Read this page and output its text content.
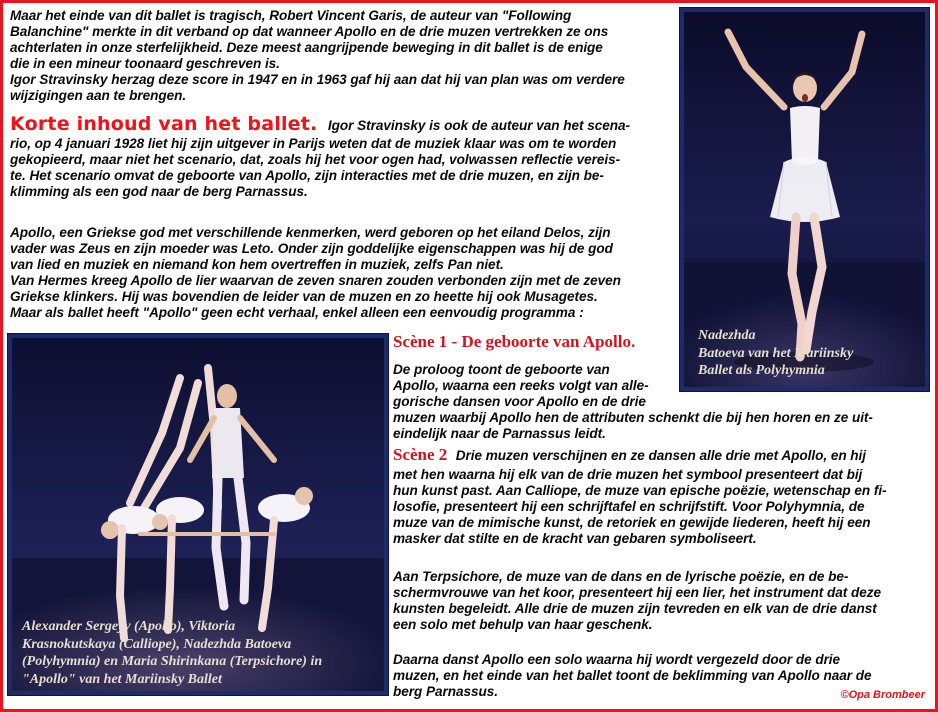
Maar het einde van dit ballet is tragisch, Robert Vincent Garis, de auteur van "Following
Balanchine" merkte in dit verband op dat wanneer Apollo en de drie muzen vertrekken ze ons
achterlaten in onze sterfelijkheid. Deze meest aangrijpende beweging in dit ballet is de enige
die in een mineur toonaard geschreven is.
Igor Stravinsky herzag deze score in 1947 en in 1963 gaf hij aan dat hij van plan was om verdere
wijzigingen aan te brengen.

Korte inhoud van het ballet. Igor Stravinsky is ook de auteur van het scena-

rio, op 4 januari 1928 liet hij zijn uitgever in Parijs weten dat de muziek klaar was om te worden
gekopieerd, maar niet het scenario, dat, zoals hij het voor ogen had, volwassen reflectie vereis-
te. Het scenario omvat de geboorte van Apollo, zijn interacties met de drie muzen, en zijn be-
klimming als een god naar de berg Parnassus.

Apollo, een Griekse god met verschillende kenmerken, werd geboren op het eiland Delos, zijn
vader was Zeus en zijn moeder was Leto. Onder zijn goddelijke eigenschappen was hij de god
van lied en muziek en niemand kon hem overtreffen in muziek, zelfs Pan niet.
Van Hermes kreeg Apollo de lier waarvan de zeven snaren zouden verbonden zijn met de zeven
Griekse klinkers. Hij was bovendien de leider van de muzen en zo heette hij ook Musagetes.
Maar als ballet heeft "Apollo" geen echt verhaal, enkel alleen een eenvoudig programma :

Nadezhda
Batoeva van het Mariinsky
Ballet als Polyhymnia

Alexander Sergeyv (Apollo), Viktoria
Krasnokutskaya (Calliope), Nadezhda Batoeva
(Polyhymnia) en Maria Shirinkana (Terpsichore) in
"Apollo" van het Mariinsky Ballet

Scène 1 - De geboorte van Apollo.

De proloog toont de geboorte van
Apollo, waarna een reeks volgt van alle-
gorische dansen voor Apollo en de drie

muzen waarbij Apollo hen de attributen schenkt die bij hen horen en ze uit-
eindelijk naar de Parnassus leidt.

Scène 2 Drie muzen verschijnen en ze dansen alle drie met Apollo, en hij

met hen waarna hij elk van de drie muzen het symbool presenteert dat bij
hun kunst past. Aan Calliope, de muze van epische poëzie, wetenschap en fi-
losofie, presenteert hij een schrijftafel en schrijfstift. Voor Polyhymnia, de
muze van de mimische kunst, de retoriek en gewijde liederen, heeft hij een
masker dat stilte en de kracht van gebaren symboliseert.

Aan Terpsichore, de muze van de dans en de lyrische poëzie, en de be-
schermvrouwe van het koor, presenteert hij een lier, het instrument dat deze
kunsten begeleidt. Alle drie de muzen zijn tevreden en elk van de drie danst
een solo met behulp van haar geschenk.

Daarna danst Apollo een solo waarna hij wordt vergezeld door de drie
muzen, en het einde van het ballet toont de beklimming van Apollo naar de
berg Parnassus.	©Opa Brombeer
